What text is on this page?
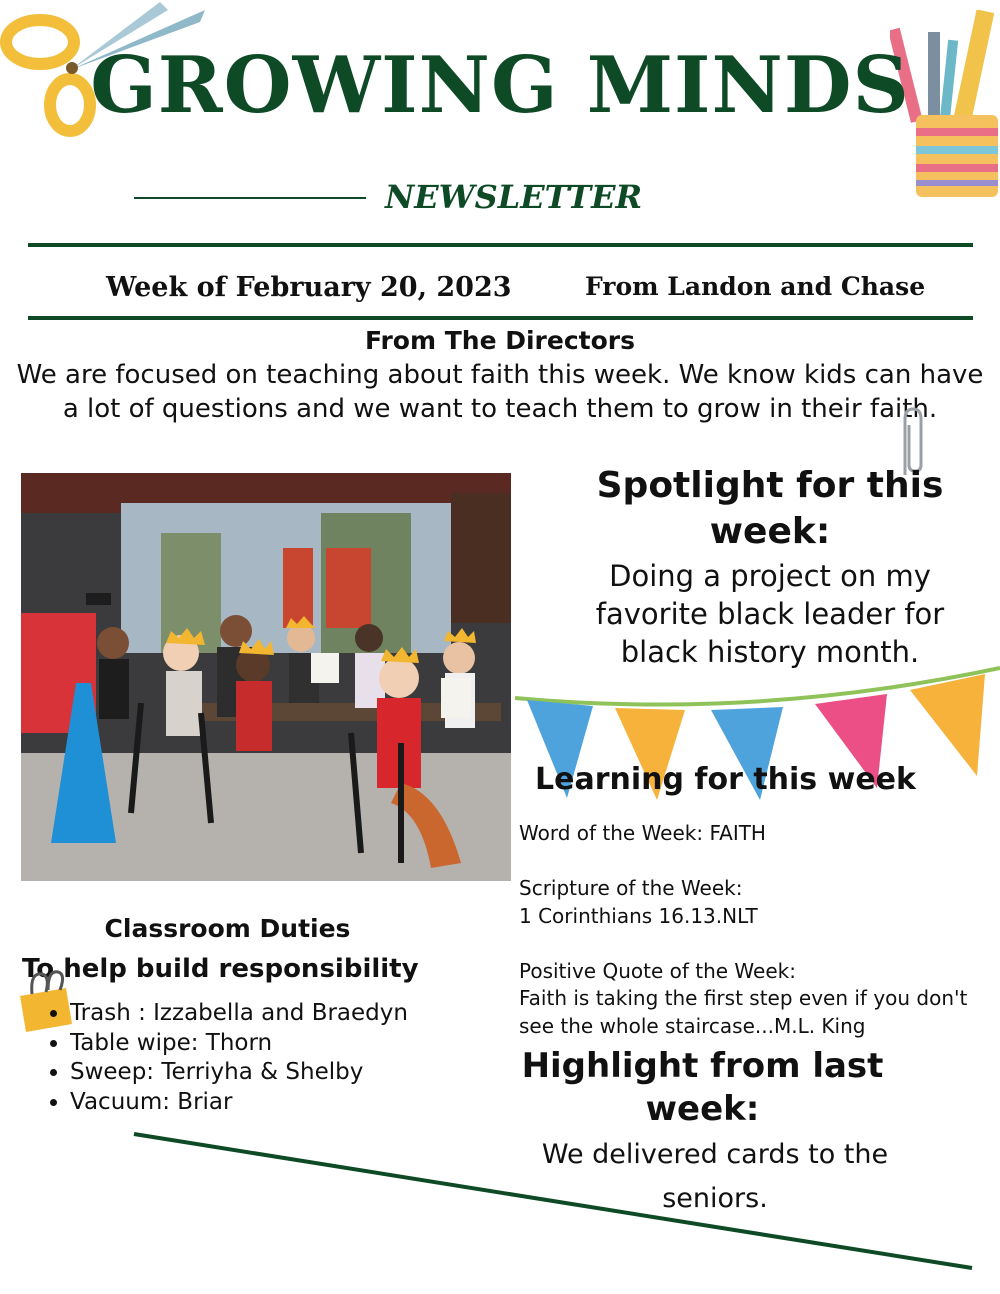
GROWING MINDS
NEWSLETTER
Week of February 20, 2023	From Landon and Chase
From The Directors
We are focused on teaching about faith this week. We know kids can have a lot of questions and we want to teach them to grow in their faith.
Spotlight for this week:
Doing a project on my favorite black leader for black history month.
Learning for this week
Word of the Week: FAITH
Scripture of the Week:
1 Corinthians 16.13.NLT
Positive Quote of the Week:
Faith is taking the first step even if you don't see the whole staircase...M.L. King
Classroom Duties
To help build responsibility
• Trash : Izzabella and Braedyn
• Table wipe: Thorn
• Sweep: Terriyha & Shelby
• Vacuum: Briar
Highlight from last week:
We delivered cards to the seniors.
